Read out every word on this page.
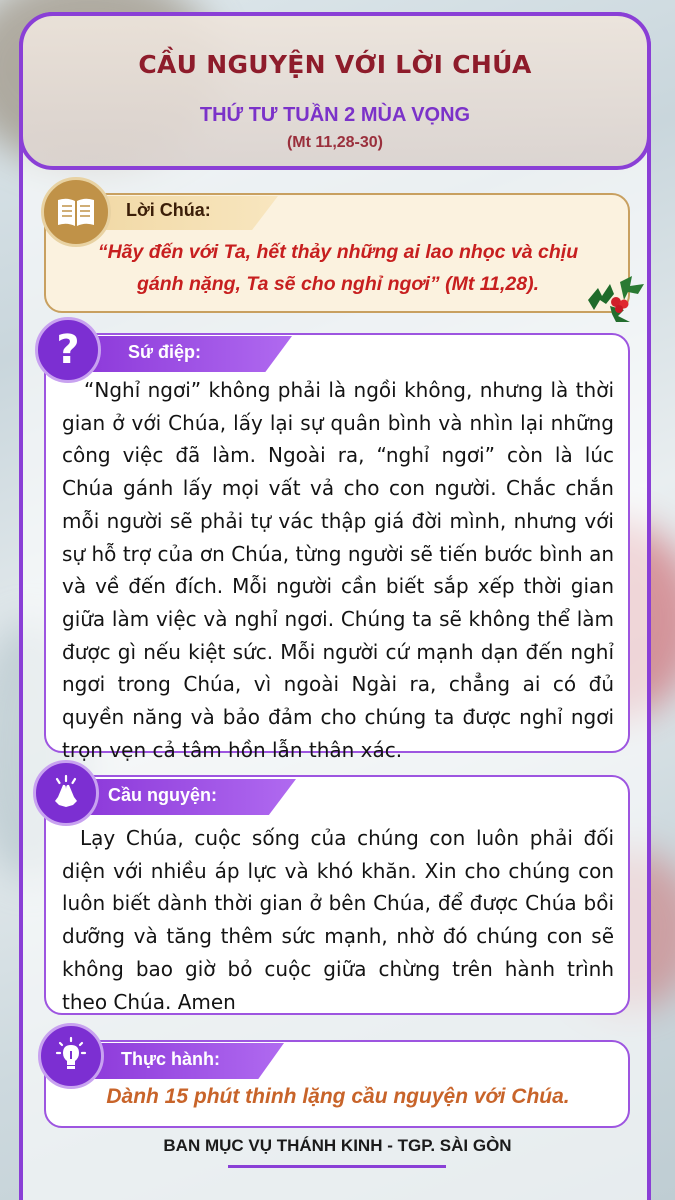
CẦU NGUYỆN VỚI LỜI CHÚA
THỨ TƯ TUẦN 2 MÙA VỌNG
(Mt 11,28-30)
Lời Chúa:
“Hãy đến với Ta, hết thảy những ai lao nhọc và chịu
gánh nặng, Ta sẽ cho nghỉ ngơi” (Mt 11,28).
Sứ điệp:
?
“Nghỉ ngơi” không phải là ngồi không, nhưng là thời gian ở với Chúa, lấy lại sự quân bình và nhìn lại những công việc đã làm. Ngoài ra, “nghỉ ngơi” còn là lúc Chúa gánh lấy mọi vất vả cho con người. Chắc chắn mỗi người sẽ phải tự vác thập giá đời mình, nhưng với sự hỗ trợ của ơn Chúa, từng người sẽ tiến bước bình an và về đến đích. Mỗi người cần biết sắp xếp thời gian giữa làm việc và nghỉ ngơi. Chúng ta sẽ không thể làm được gì nếu kiệt sức. Mỗi người cứ mạnh dạn đến nghỉ ngơi trong Chúa, vì ngoài Ngài ra, chẳng ai có đủ quyền năng và bảo đảm cho chúng ta được nghỉ ngơi trọn vẹn cả tâm hồn lẫn thân xác.
Cầu nguyện:
Lạy Chúa, cuộc sống của chúng con luôn phải đối diện với nhiều áp lực và khó khăn. Xin cho chúng con luôn biết dành thời gian ở bên Chúa, để được Chúa bồi dưỡng và tăng thêm sức mạnh, nhờ đó chúng con sẽ không bao giờ bỏ cuộc giữa chừng trên hành trình theo Chúa. Amen
Thực hành:
Dành 15 phút thinh lặng cầu nguyện với Chúa.
BAN MỤC VỤ THÁNH KINH - TGP. SÀI GÒN
